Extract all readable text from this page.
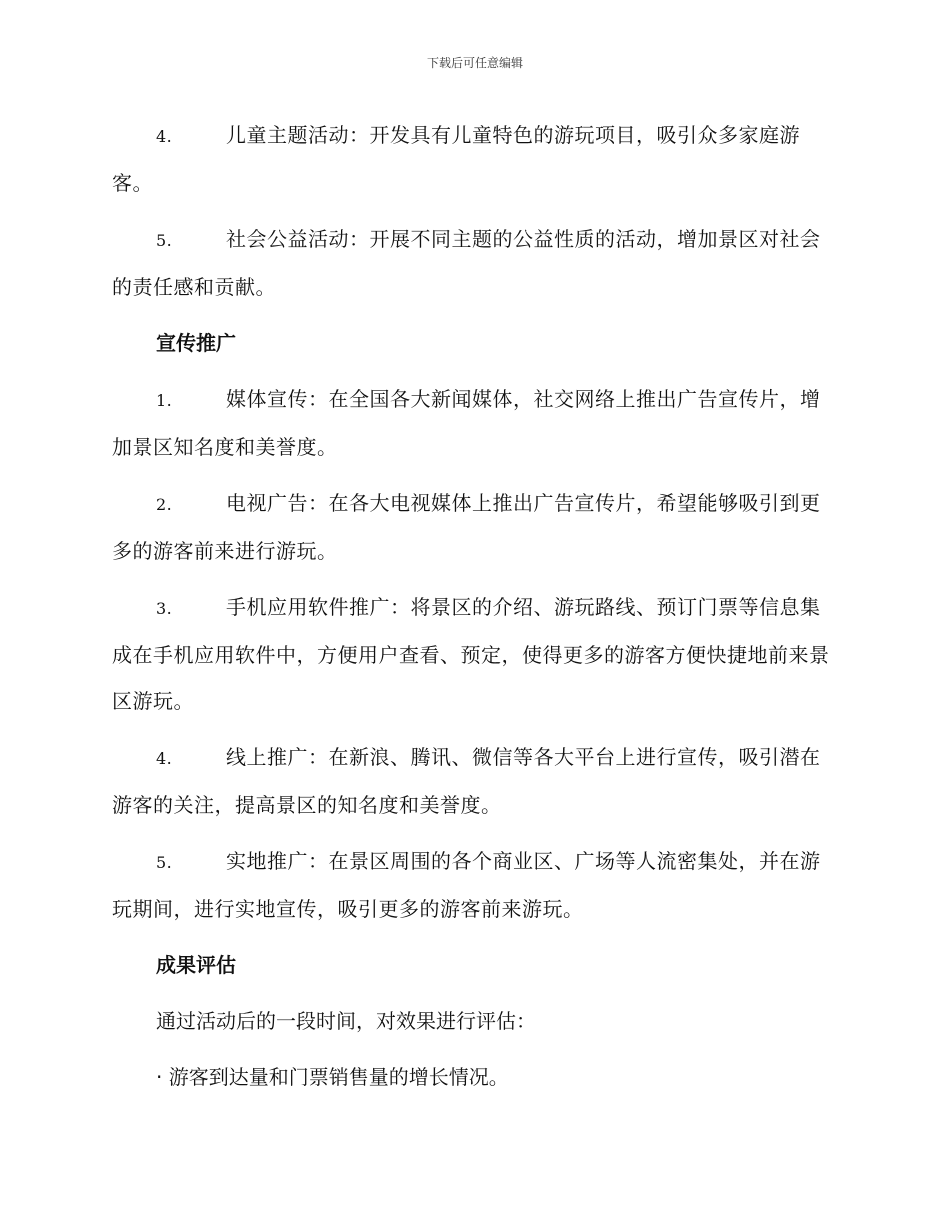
下载后可任意编辑

4.	儿童主题活动：开发具有儿童特色的游玩项目，吸引众多家庭游客。

5.	社会公益活动：开展不同主题的公益性质的活动，增加景区对社会的责任感和贡献。

宣传推广

1.	媒体宣传：在全国各大新闻媒体，社交网络上推出广告宣传片，增加景区知名度和美誉度。

2.	电视广告：在各大电视媒体上推出广告宣传片，希望能够吸引到更多的游客前来进行游玩。

3.	手机应用软件推广：将景区的介绍、游玩路线、预订门票等信息集成在手机应用软件中，方便用户查看、预定，使得更多的游客方便快捷地前来景区游玩。

4.	线上推广：在新浪、腾讯、微信等各大平台上进行宣传，吸引潜在游客的关注，提高景区的知名度和美誉度。

5.	实地推广：在景区周围的各个商业区、广场等人流密集处，并在游玩期间，进行实地宣传，吸引更多的游客前来游玩。

成果评估
通过活动后的一段时间，对效果进行评估：
· 游客到达量和门票销售量的增长情况。
